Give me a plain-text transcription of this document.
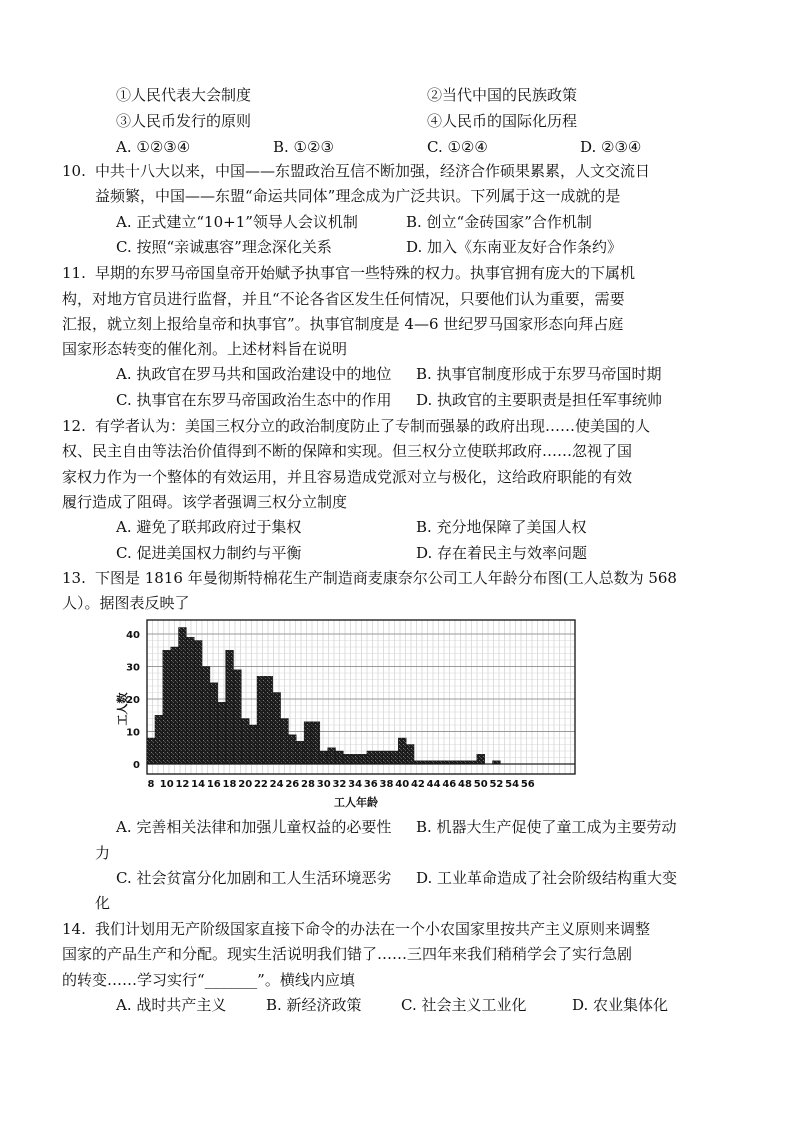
①人民代表大会制度	②当代中国的民族政策
③人民币发行的原则	④人民币的国际化历程
A. ①②③④	B. ①②③	C. ①②④	D. ②③④
10. 中共十八大以来，中国——东盟政治互信不断加强，经济合作硕果累累，人文交流日
益频繁，中国——东盟“命运共同体”理念成为广泛共识。下列属于这一成就的是
A. 正式建立“10+1”领导人会议机制	B. 创立“金砖国家”合作机制
C. 按照“亲诚惠容”理念深化关系	D. 加入《东南亚友好合作条约》
11. 早期的东罗马帝国皇帝开始赋予执事官一些特殊的权力。执事官拥有庞大的下属机
构，对地方官员进行监督，并且“不论各省区发生任何情况，只要他们认为重要，需要
汇报，就立刻上报给皇帝和执事官”。执事官制度是 4—6 世纪罗马国家形态向拜占庭
国家形态转变的催化剂。上述材料旨在说明
A. 执政官在罗马共和国政治建设中的地位 B. 执事官制度形成于东罗马帝国时期
C. 执事官在东罗马帝国政治生态中的作用 D. 执政官的主要职责是担任军事统帅
12. 有学者认为：美国三权分立的政治制度防止了专制而强暴的政府出现……使美国的人
权、民主自由等法治价值得到不断的保障和实现。但三权分立使联邦政府……忽视了国
家权力作为一个整体的有效运用，并且容易造成党派对立与极化，这给政府职能的有效
履行造成了阻碍。该学者强调三权分立制度
A. 避免了联邦政府过于集权	B. 充分地保障了美国人权
C. 促进美国权力制约与平衡	D. 存在着民主与效率问题
13. 下图是 1816 年曼彻斯特棉花生产制造商麦康奈尔公司工人年龄分布图(工人总数为 568
人）。据图表反映了
0
10
20
30
40
8 10 12 14 16 18 20 22 24 26 28 30 32 34 36 38 40 42 44 46 48 50 52 54 56
工人数
工人年龄
A. 完善相关法律和加强儿童权益的必要性 B. 机器大生产促使了童工成为主要劳动
力
C. 社会贫富分化加剧和工人生活环境恶劣 D. 工业革命造成了社会阶级结构重大变
化
14. 我们计划用无产阶级国家直接下命令的办法在一个小农国家里按共产主义原则来调整
国家的产品生产和分配。现实生活说明我们错了……三四年来我们稍稍学会了实行急剧
的转变……学习实行“_______”。横线内应填
A. 战时共产主义	B. 新经济政策	C. 社会主义工业化	D. 农业集体化
